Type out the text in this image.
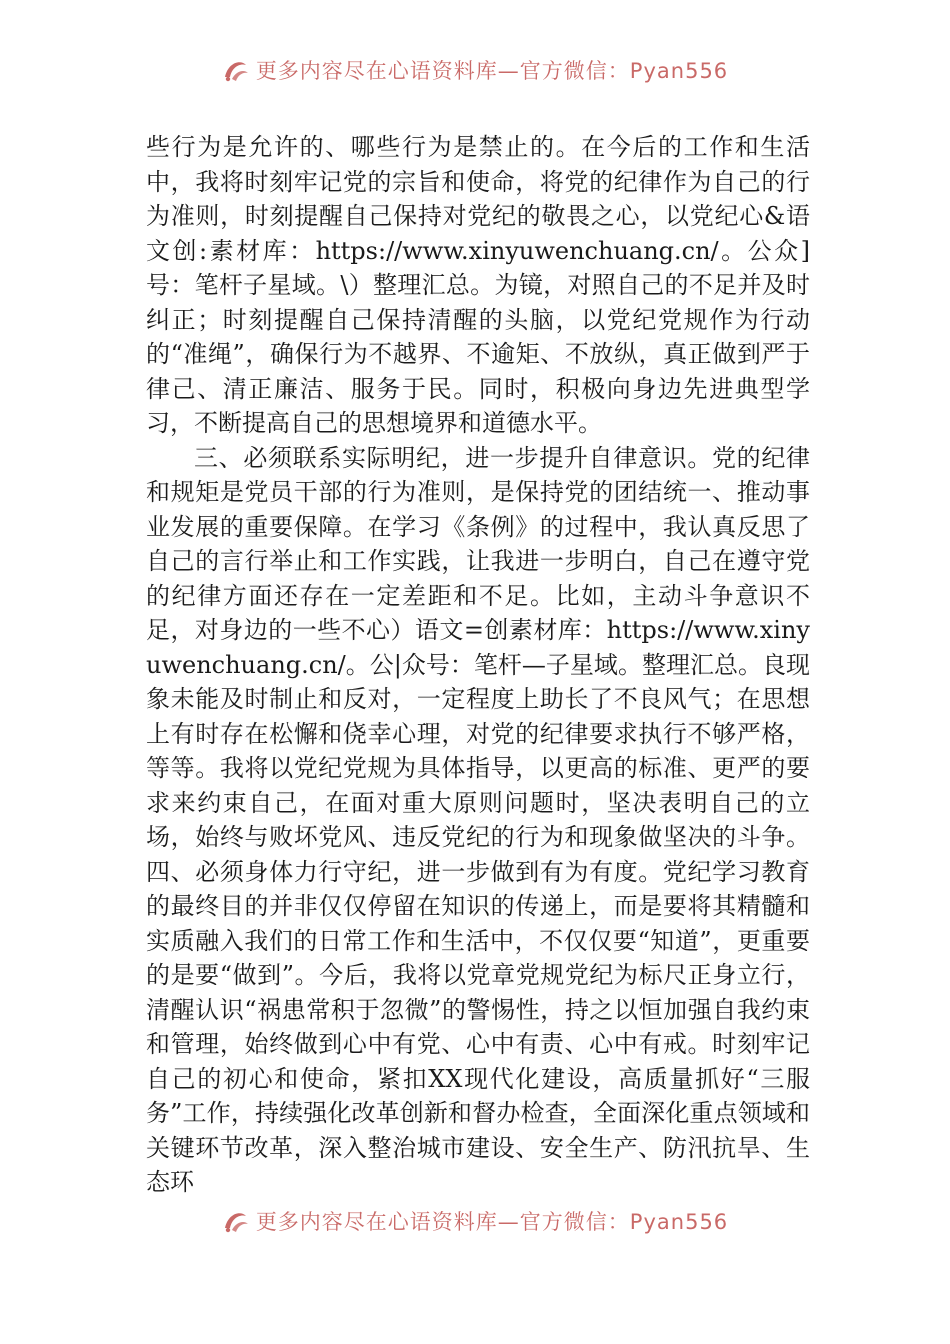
更多内容尽在心语资料库—官方微信：Pyan556

些行为是允许的、哪些行为是禁止的。在今后的工作和生活中，我将时刻牢记党的宗旨和使命，将党的纪律作为自己的行为准则，时刻提醒自己保持对党纪的敬畏之心，以党纪心&语文创:素材库：https://www.xinyuwenchuang.cn/。公众]号：笔杆子星域。\）整理汇总。为镜，对照自己的不足并及时纠正；时刻提醒自己保持清醒的头脑，以党纪党规作为行动的“准绳”，确保行为不越界、不逾矩、不放纵，真正做到严于律己、清正廉洁、服务于民。同时，积极向身边先进典型学习，不断提高自己的思想境界和道德水平。

三、必须联系实际明纪，进一步提升自律意识。党的纪律和规矩是党员干部的行为准则，是保持党的团结统一、推动事业发展的重要保障。在学习《条例》的过程中，我认真反思了自己的言行举止和工作实践，让我进一步明白，自己在遵守党的纪律方面还存在一定差距和不足。比如，主动斗争意识不足，对身边的一些不心）语文=创素材库：https://www.xinyuwenchuang.cn/。公|众号：笔杆—子星域。整理汇总。良现象未能及时制止和反对，一定程度上助长了不良风气；在思想上有时存在松懈和侥幸心理，对党的纪律要求执行不够严格，等等。我将以党纪党规为具体指导，以更高的标准、更严的要求来约束自己，在面对重大原则问题时，坚决表明自己的立场，始终与败坏党风、违反党纪的行为和现象做坚决的斗争。四、必须身体力行守纪，进一步做到有为有度。党纪学习教育的最终目的并非仅仅停留在知识的传递上，而是要将其精髓和实质融入我们的日常工作和生活中，不仅仅要“知道”，更重要的是要“做到”。今后，我将以党章党规党纪为标尺正身立行，清醒认识“祸患常积于忽微”的警惕性，持之以恒加强自我约束和管理，始终做到心中有党、心中有责、心中有戒。时刻牢记自己的初心和使命，紧扣XX现代化建设，高质量抓好“三服务”工作，持续强化改革创新和督办检查，全面深化重点领域和关键环节改革，深入整治城市建设、安全生产、防汛抗旱、生态环

更多内容尽在心语资料库—官方微信：Pyan556
